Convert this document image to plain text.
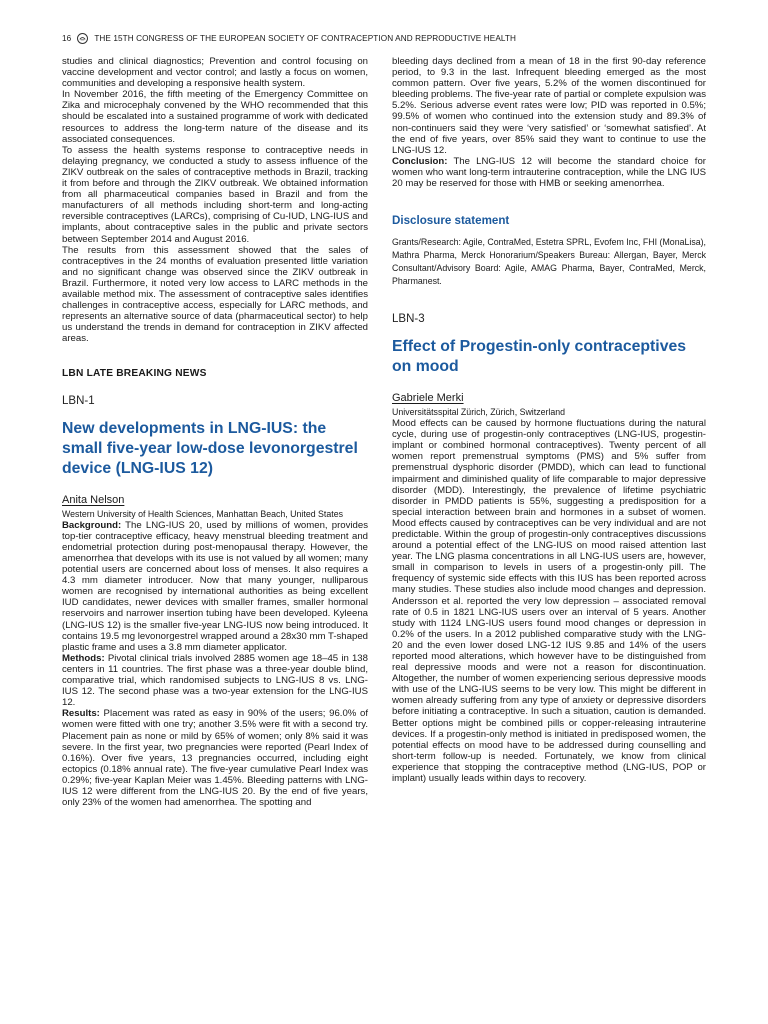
16	THE 15TH CONGRESS OF THE EUROPEAN SOCIETY OF CONTRACEPTION AND REPRODUCTIVE HEALTH

studies and clinical diagnostics; Prevention and control focusing on vaccine development and vector control; and lastly a focus on women, communities and developing a responsive health system.

In November 2016, the fifth meeting of the Emergency Committee on Zika and microcephaly convened by the WHO recommended that this should be escalated into a sustained programme of work with dedicated resources to address the long-term nature of the disease and its associated consequences.

To assess the health systems response to contraceptive needs in delaying pregnancy, we conducted a study to assess influence of the ZIKV outbreak on the sales of contraceptive methods in Brazil, tracking it from before and through the ZIKV outbreak. We obtained information from all pharmaceutical companies based in Brazil and from the manufacturers of all methods including short-term and long-acting reversible contraceptives (LARCs), comprising of Cu-IUD, LNG-IUS and implants, about contraceptive sales in the public and private sectors between September 2014 and August 2016.

The results from this assessment showed that the sales of contraceptives in the 24 months of evaluation presented little variation and no significant change was observed since the ZIKV outbreak in Brazil. Furthermore, it noted very low access to LARC methods in the available method mix. The assessment of contraceptive sales identifies challenges in contraceptive access, especially for LARC methods, and represents an alternative source of data (pharmaceutical sector) to help us understand the trends in demand for contraception in ZIKV affected areas.

LBN LATE BREAKING NEWS
LBN-1
New developments in LNG-IUS: the small five-year low-dose levonorgestrel device (LNG-IUS 12)
Anita Nelson
Western University of Health Sciences, Manhattan Beach, United States

Background: The LNG-IUS 20, used by millions of women, provides top-tier contraceptive efficacy, heavy menstrual bleeding treatment and endometrial protection during post-menopausal therapy. However, the amenorrhea that develops with its use is not valued by all women; many potential users are concerned about loss of menses. It also requires a 4.3 mm diameter introducer. Now that many younger, nulliparous women are recognised by international authorities as being excellent IUD candidates, newer devices with smaller frames, smaller hormonal reservoirs and narrower insertion tubing have been developed. Kyleena (LNG-IUS 12) is the smaller five-year LNG-IUS now being introduced. It contains 19.5 mg levonorgestrel wrapped around a 28x30 mm T-shaped plastic frame and uses a 3.8 mm diameter applicator.

Methods: Pivotal clinical trials involved 2885 women age 18–45 in 138 centers in 11 countries. The first phase was a three-year double blind, comparative trial, which randomised subjects to LNG-IUS 8 vs. LNG-IUS 12. The second phase was a two-year extension for the LNG-IUS 12.

Results: Placement was rated as easy in 90% of the users; 96.0% of women were fitted with one try; another 3.5% were fit with a second try. Placement pain as none or mild by 65% of women; only 8% said it was severe. In the first year, two pregnancies were reported (Pearl Index of 0.16%). Over five years, 13 pregnancies occurred, including eight ectopics (0.18% annual rate). The five-year cumulative Pearl Index was 0.29%; five-year Kaplan Meier was 1.45%. Bleeding patterns with LNG-IUS 12 were different from the LNG-IUS 20. By the end of five years, only 23% of the women had amenorrhea. The spotting and

bleeding days declined from a mean of 18 in the first 90-day reference period, to 9.3 in the last. Infrequent bleeding emerged as the most common pattern. Over five years, 5.2% of the women discontinued for bleeding problems. The five-year rate of partial or complete expulsion was 5.2%. Serious adverse event rates were low; PID was reported in 0.5%; 99.5% of women who continued into the extension study and 89.3% of non-continuers said they were ‘very satisfied’ or ‘somewhat satisfied’. At the end of five years, over 85% said they want to continue to use the LNG-IUS 12.

Conclusion: The LNG-IUS 12 will become the standard choice for women who want long-term intrauterine contraception, while the LNG IUS 20 may be reserved for those with HMB or seeking amenorrhea.

Disclosure statement
Grants/Research: Agile, ContraMed, Estetra SPRL, Evofem Inc, FHI (MonaLisa), Mathra Pharma, Merck Honorarium/Speakers Bureau: Allergan, Bayer, Merck Consultant/Advisory Board: Agile, AMAG Pharma, Bayer, ContraMed, Merck, Pharmanest.
LBN-3
Effect of Progestin-only contraceptives on mood
Gabriele Merki
Universitätsspital Zürich, Zürich, Switzerland

Mood effects can be caused by hormone fluctuations during the natural cycle, during use of progestin-only contraceptives (LNG-IUS, progestin-implant or combined hormonal contraceptives). Twenty percent of all women report premenstrual symptoms (PMS) and 5% suffer from premenstrual dysphoric disorder (PMDD), which can lead to functional impairment and diminished quality of life comparable to major depressive disorder (MDD). Interestingly, the prevalence of lifetime psychiatric disorder in PMDD patients is 55%, suggesting a predisposition for a special interaction between brain and hormones in a subset of women. Mood effects caused by contraceptives can be very individual and are not predictable. Within the group of progestin-only contraceptives discussions around a potential effect of the LNG-IUS on mood raised attention last year. The LNG plasma concentrations in all LNG-IUS users are, however, small in comparison to levels in users of a progestin-only pill. The frequency of systemic side effects with this IUS has been reported across many studies. These studies also include mood changes and depression. Andersson et al. reported the very low depression – associated removal rate of 0.5 in 1821 LNG-IUS users over an interval of 5 years. Another study with 1124 LNG-IUS users found mood changes or depression in 0.2% of the users. In a 2012 published comparative study with the LNG-20 and the even lower dosed LNG-12 IUS 9.85 and 14% of the users reported mood alterations, which however have to be distinguished from real depressive moods and were not a reason for discontinuation. Altogether, the number of women experiencing serious depressive moods with use of the LNG-IUS seems to be very low. This might be different in women already suffering from any type of anxiety or depressive disorders before initiating a contraceptive. In such a situation, caution is demanded. Better options might be combined pills or copper-releasing intrauterine devices. If a progestin-only method is initiated in predisposed women, the potential effects on mood have to be addressed during counselling and short-term follow-up is needed. Fortunately, we know from clinical experience that stopping the contraceptive method (LNG-IUS, POP or implant) usually leads within days to recovery.
